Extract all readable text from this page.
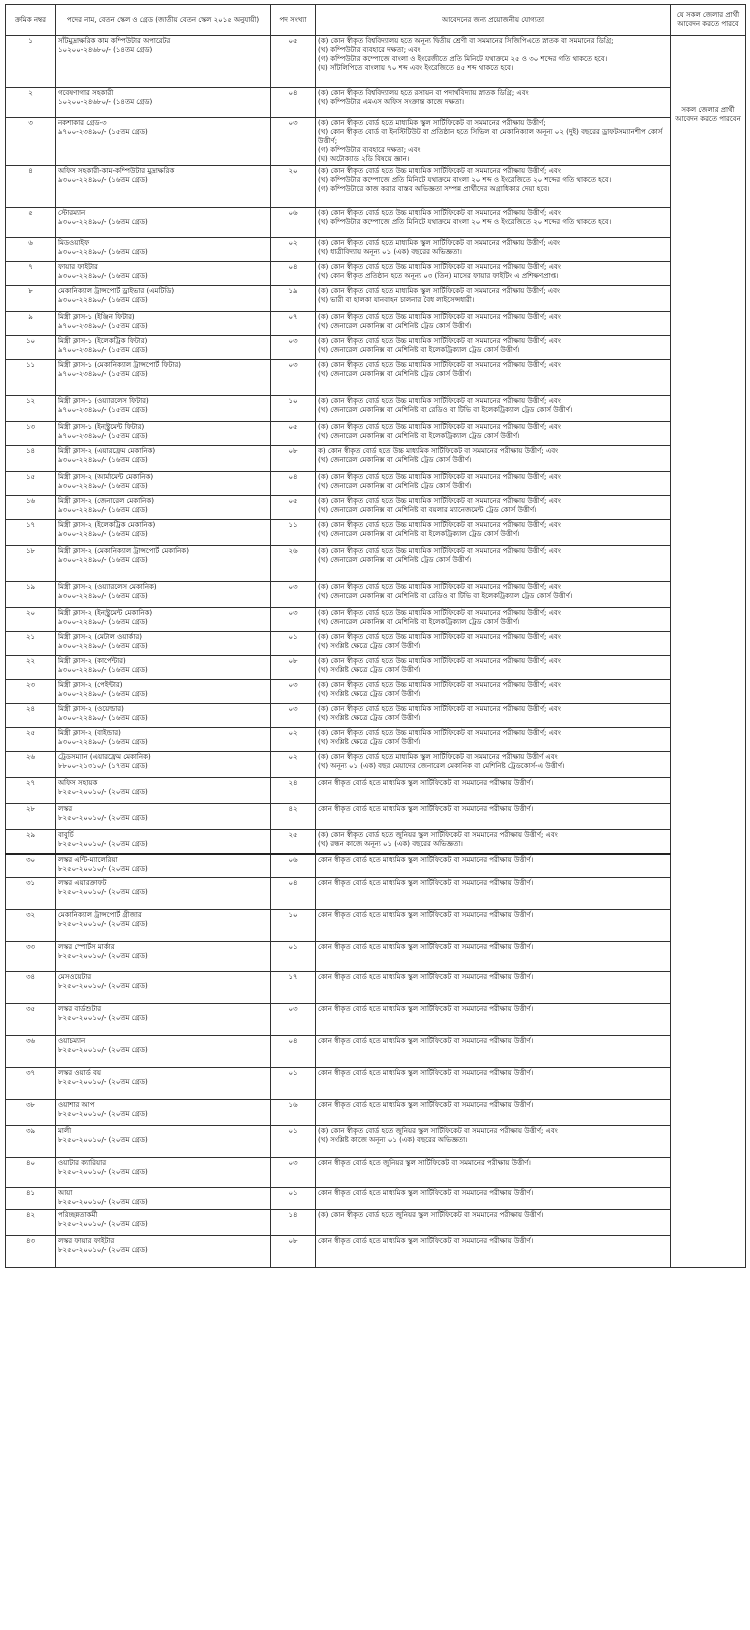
ক্রমিক নম্বর	পদের নাম, বেতন স্কেল ও গ্রেড (জাতীয় বেতন স্কেল ২০১৫ অনুযায়ী)	পদ সংখ্যা	আবেদনের জন্য প্রয়োজনীয় যোগ্যতা	যে সকল জেলার প্রার্থী আবেদন করতে পারবে
১	সাঁটমুদ্রাক্ষরিক কাম কম্পিউটার অপারেটর
১০২০০-২৪৬৮০/- (১৪তম গ্রেড)	০৫	(ক) কোন স্বীকৃত বিশ্ববিদ্যালয় হতে অনূন্য দ্বিতীয় শ্রেণী বা সমমানের সিজিপিএতে স্নাতক বা সমমানের ডিগ্রি;
(খ) কম্পিউটার ব্যবহারে দক্ষতা; এবং
(গ) কম্পিউটার কম্পোজে বাংলা ও ইংরেজীতে প্রতি মিনিটে যথাক্রমে ২৫ ও ৩০ শব্দের গতি থাকতে হবে।
(ঘ) সাঁটলিপিতে বাংলায় ৭০ শব্দ এবং ইংরেজিতে ৪৫ শব্দ থাকতে হবে।	সকল জেলার প্রার্থী আবেদন করতে পারবেন
২	গবেষণাগার সহকারী
১০২০০-২৪৬৮০/- (১৪তম গ্রেড)	০৪	(ক) কোন স্বীকৃত বিশ্ববিদ্যালয় হতে রসায়ন বা পদার্থবিদ্যায় স্নাতক ডিগ্রি; এবং
(খ) কম্পিউটার এমএস অফিস সংক্রান্ত কাজে দক্ষতা।	

৩	নকশাকার গ্রেড-৩
৯৭০০-২৩৪৯০/- (১৫তম গ্রেড)	০৩	(ক) কোন স্বীকৃত বোর্ড হতে মাধ্যমিক স্কুল সার্টিফিকেট বা সমমানের পরীক্ষায় উত্তীর্ণ;
(খ) কোন স্বীকৃত বোর্ড বা ইনস্টিটিউট বা প্রতিষ্ঠান হতে সিভিল বা মেকানিক্যাল অনূন্য ০২ (দুই) বছরের ড্রাফটসম্যানশীপ কোর্স উত্তীর্ণ;
(গ) কম্পিউটার ব্যবহারে দক্ষতা; এবং
(ঘ) অটোক্যাড ২ডি বিষয়ে জ্ঞান।	

৪	অফিস সহকারী-কাম-কম্পিউটার মুদ্রাক্ষরিক
৯৩০০-২২৪৯০/- (১৬তম গ্রেড)	২০	(ক) কোন স্বীকৃত বোর্ড হতে উচ্চ মাধ্যমিক সার্টিফিকেট বা সমমানের পরীক্ষায় উত্তীর্ণ; এবং
(খ) কম্পিউটার কম্পোজে প্রতি মিনিটে যথাক্রমে বাংলা ২০ শব্দ ও ইংরেজিতে ২০ শব্দের গতি থাকতে হবে।
(গ) কম্পিউটারে কাজ করার বাস্তব অভিজ্ঞতা সম্পন্ন প্রার্থীদের অগ্রাধিকার দেয়া হবে।	

৫	স্টোরম্যান
৯৩০০-২২৪৯০/- (১৬তম গ্রেড)	০৬	(ক) কোন স্বীকৃত বোর্ড হতে উচ্চ মাধ্যমিক সার্টিফিকেট বা সমমানের পরীক্ষায় উত্তীর্ণ; এবং
(খ) কম্পিউটার কম্পোজে প্রতি মিনিটে যথাক্রমে বাংলা ২০ শব্দ ও ইংরেজিতে ২০ শব্দের গতি থাকতে হবে।	

৬	মিডওয়াইফ
৯৩০০-২২৪৯০/- (১৬তম গ্রেড)	০২	(ক) কোন স্বীকৃত বোর্ড হতে মাধ্যমিক স্কুল সার্টিফিকেট বা সমমানের পরীক্ষায় উত্তীর্ণ; এবং
(খ) ধাত্রীবিদ্যায় অনূন্য ০১ (এক) বছরের অভিজ্ঞতা।	

৭	ফায়ার ফাইটার
৯৩০০-২২৪৯০/- (১৬তম গ্রেড)	০৪	(ক) কোন স্বীকৃত বোর্ড হতে উচ্চ মাধ্যমিক সার্টিফিকেট বা সমমানের পরীক্ষায় উত্তীর্ণ; এবং
(খ) কোন স্বীকৃত প্রতিষ্ঠান হতে অনূন্য ০৩ (তিন) মাসের ফায়ার ফাইটিং এ প্রশিক্ষণপ্রাপ্ত।	

৮	মেকানিক্যাল ট্রান্সপোর্ট ড্রাইভার (এমটিডি)
৯৩০০-২২৪৯০/- (১৬তম গ্রেড)	১৯	(ক) কোন স্বীকৃত বোর্ড হতে মাধ্যমিক স্কুল সার্টিফিকেট বা সমমানের পরীক্ষায় উত্তীর্ণ; এবং
(খ) ভারী বা হালকা যানবাহন চালনার বৈধ লাইসেন্সধারী।	

৯	মিস্ত্রী ক্লাস-১ (ইঞ্জিন ফিটার)
৯৭০০-২৩৪৯০/- (১৫তম গ্রেড)	০৭	(ক) কোন স্বীকৃত বোর্ড হতে উচ্চ মাধ্যমিক সার্টিফিকেট বা সমমানের পরীক্ষায় উত্তীর্ণ; এবং
(খ) জেনারেল মেকানিক্স বা মেশিনিষ্ট ট্রেড কোর্স উত্তীর্ণ।	

১০	মিস্ত্রী ক্লাস-১ (ইলেকট্রিক ফিটার)
৯৭০০-২৩৪৯০/- (১৫তম গ্রেড)	০৩	(ক) কোন স্বীকৃত বোর্ড হতে উচ্চ মাধ্যমিক সার্টিফিকেট বা সমমানের পরীক্ষায় উত্তীর্ণ; এবং
(খ) জেনারেল মেকানিক্স বা মেশিনিষ্ট বা ইলেকট্রিক্যাল ট্রেড কোর্স উত্তীর্ণ।	

১১	মিস্ত্রী ক্লাস-১ (মেকানিক্যাল ট্রান্সপোর্ট ফিটার)
৯৭০০-২৩৪৯০/- (১৫তম গ্রেড)	০৩	(ক) কোন স্বীকৃত বোর্ড হতে উচ্চ মাধ্যমিক সার্টিফিকেট বা সমমানের পরীক্ষায় উত্তীর্ণ; এবং
(খ) জেনারেল মেকানিক্স বা মেশিনিষ্ট ট্রেড কোর্স উত্তীর্ণ।	

১২	মিস্ত্রী ক্লাস-১ (ওয়্যারলেস ফিটার)
৯৭০০-২৩৪৯০/- (১৫তম গ্রেড)	১০	(ক) কোন স্বীকৃত বোর্ড হতে উচ্চ মাধ্যমিক সার্টিফিকেট বা সমমানের পরীক্ষায় উত্তীর্ণ; এবং
(খ) জেনারেল মেকানিক্স বা মেশিনিষ্ট বা রেডিও বা টিভি বা ইলেকট্রিক্যাল ট্রেড কোর্স উত্তীর্ণ।	

১৩	মিস্ত্রী ক্লাস-১ (ইনস্ট্রুমেন্ট ফিটার)
৯৭০০-২৩৪৯০/- (১৫তম গ্রেড)	০৫	(ক) কোন স্বীকৃত বোর্ড হতে উচ্চ মাধ্যমিক সার্টিফিকেট বা সমমানের পরীক্ষায় উত্তীর্ণ; এবং
(খ) জেনারেল মেকানিক্স বা মেশিনিষ্ট বা ইলেকট্রিক্যাল ট্রেড কোর্স উত্তীর্ণ।	

১৪	মিস্ত্রী ক্লাস-২ (এয়ারফ্রেম মেকানিক)
৯৩০০-২২৪৯০/- (১৬তম গ্রেড)	০৮	ক) কোন স্বীকৃত বোর্ড হতে উচ্চ মাধ্যমিক সার্টিফিকেট বা সমমানের পরীক্ষায় উত্তীর্ণ; এবং
(খ) জেনারেল মেকানিক্স বা মেশিনিষ্ট ট্রেড কোর্স উত্তীর্ণ।	

১৫	মিস্ত্রী ক্লাস-২ (আর্মামেন্ট মেকানিক)
৯৩০০-২২৪৯০/- (১৬তম গ্রেড)	০৪	(ক) কোন স্বীকৃত বোর্ড হতে উচ্চ মাধ্যমিক সার্টিফিকেট বা সমমানের পরীক্ষায় উত্তীর্ণ; এবং
(খ) জেনারেল মেকানিক্স বা মেশিনিষ্ট ট্রেড কোর্স উত্তীর্ণ।	

১৬	মিস্ত্রী ক্লাস-২ (জেনারেল মেকানিক)
৯৩০০-২২৪৯০/- (১৬তম গ্রেড)	০৫	(ক) কোন স্বীকৃত বোর্ড হতে উচ্চ মাধ্যমিক সার্টিফিকেট বা সমমানের পরীক্ষায় উত্তীর্ণ; এবং
(খ) জেনারেল মেকানিক্স বা মেশিনিষ্ট বা বয়লার ম্যানেজমেন্ট ট্রেড কোর্স উত্তীর্ণ।	

১৭	মিস্ত্রী ক্লাস-২ (ইলেকট্রিক মেকানিক)
৯৩০০-২২৪৯০/- (১৬তম গ্রেড)	১১	(ক) কোন স্বীকৃত বোর্ড হতে উচ্চ মাধ্যমিক সার্টিফিকেট বা সমমানের পরীক্ষায় উত্তীর্ণ; এবং
(খ) জেনারেল মেকানিক্স বা মেশিনিষ্ট বা ইলেকট্রিক্যাল ট্রেড কোর্স উত্তীর্ণ।	

১৮	মিস্ত্রী ক্লাস-২ (মেকানিক্যাল ট্রান্সপোর্ট মেকানিক)
৯৩০০-২২৪৯০/- (১৬তম গ্রেড)	২৬	(ক) কোন স্বীকৃত বোর্ড হতে উচ্চ মাধ্যমিক সার্টিফিকেট বা সমমানের পরীক্ষায় উত্তীর্ণ; এবং
(খ) জেনারেল মেকানিক্স বা মেশিনিষ্ট ট্রেড কোর্স উত্তীর্ণ।	

১৯	মিস্ত্রী ক্লাস-২ (ওয়্যারলেস মেকানিক)
৯৩০০-২২৪৯০/- (১৬তম গ্রেড)	০৩	(ক) কোন স্বীকৃত বোর্ড হতে উচ্চ মাধ্যমিক সার্টিফিকেট বা সমমানের পরীক্ষায় উত্তীর্ণ; এবং
(খ) জেনারেল মেকানিক্স বা মেশিনিষ্ট বা রেডিও বা টিভি বা ইলেকট্রিক্যাল ট্রেড কোর্স উত্তীর্ণ।	

২০	মিস্ত্রী ক্লাস-২ (ইনস্ট্রুমেন্ট মেকানিক)
৯৩০০-২২৪৯০/- (১৬তম গ্রেড)	০৩	(ক) কোন স্বীকৃত বোর্ড হতে উচ্চ মাধ্যমিক সার্টিফিকেট বা সমমানের পরীক্ষায় উত্তীর্ণ; এবং
(খ) জেনারেল মেকানিক্স বা মেশিনিষ্ট বা ইলেকট্রিক্যাল ট্রেড কোর্স উত্তীর্ণ।	

২১	মিস্ত্রী ক্লাস-২ (মেটাল ওয়ার্কার)
৯৩০০-২২৪৯০/- (১৬তম গ্রেড)	০১	(ক) কোন স্বীকৃত বোর্ড হতে উচ্চ মাধ্যমিক সার্টিফিকেট বা সমমানের পরীক্ষায় উত্তীর্ণ; এবং
(খ) সংশ্লিষ্ট ক্ষেত্রে ট্রেড কোর্স উত্তীর্ণ।	

২২	মিস্ত্রী ক্লাস-২ (কার্পেন্টার)
৯৩০০-২২৪৯০/- (১৬তম গ্রেড)	০৮	(ক) কোন স্বীকৃত বোর্ড হতে উচ্চ মাধ্যমিক সার্টিফিকেট বা সমমানের পরীক্ষায় উত্তীর্ণ; এবং
(খ) সংশ্লিষ্ট ক্ষেত্রে ট্রেড কোর্স উত্তীর্ণ।	

২৩	মিস্ত্রী ক্লাস-২ (পেইন্টার)
৯৩০০-২২৪৯০/- (১৬তম গ্রেড)	০৩	(ক) কোন স্বীকৃত বোর্ড হতে উচ্চ মাধ্যমিক সার্টিফিকেট বা সমমানের পরীক্ষায় উত্তীর্ণ; এবং
(খ) সংশ্লিষ্ট ক্ষেত্রে ট্রেড কোর্স উত্তীর্ণ।	

২৪	মিস্ত্রী ক্লাস-২ (ওয়েল্ডার)
৯৩০০-২২৪৯০/- (১৬তম গ্রেড)	০৩	(ক) কোন স্বীকৃত বোর্ড হতে উচ্চ মাধ্যমিক সার্টিফিকেট বা সমমানের পরীক্ষায় উত্তীর্ণ; এবং
(খ) সংশ্লিষ্ট ক্ষেত্রে ট্রেড কোর্স উত্তীর্ণ।	

২৫	মিস্ত্রী ক্লাস-২ (বাইন্ডার)
৯৩০০-২২৪৯০/- (১৬তম গ্রেড)	০২	(ক) কোন স্বীকৃত বোর্ড হতে উচ্চ মাধ্যমিক সার্টিফিকেট বা সমমানের পরীক্ষায় উত্তীর্ণ; এবং
(খ) সংশ্লিষ্ট ক্ষেত্রে ট্রেড কোর্স উত্তীর্ণ।	

২৬	ট্রেডসম্যান (এয়ারফ্রেম মেকানিক)
৮৮০০-২১৩১০/- (১৭তম গ্রেড)	০২	(ক) কোন স্বীকৃত বোর্ড হতে মাধ্যমিক স্কুল সার্টিফিকেট বা সমমানের পরীক্ষায় উত্তীর্ণ এবং
(খ) অনূন্য ০১ (এক) বছর মেয়াদের জেনারেল মেকানিক বা মেশিনিষ্ট ট্রেডকোর্স-এ উত্তীর্ণ।	

২৭	অফিস সহায়ক
৮২৫০-২০০১০/- (২০তম গ্রেড)	২৪	কোন স্বীকৃত বোর্ড হতে মাধ্যমিক স্কুল সার্টিফিকেট বা সমমানের পরীক্ষায় উত্তীর্ণ।	

২৮	লস্কর
৮২৫০-২০০১০/- (২০তম গ্রেড)	৪২	কোন স্বীকৃত বোর্ড হতে মাধ্যমিক স্কুল সার্টিফিকেট বা সমমানের পরীক্ষায় উত্তীর্ণ।	

২৯	বাবুর্চি
৮২৫০-২০০১০/- (২০তম গ্রেড)	২৫	(ক) কোন স্বীকৃত বোর্ড হতে জুনিয়র স্কুল সার্টিফিকেট বা সমমানের পরীক্ষায় উত্তীর্ণ; এবং
(খ) রন্ধন কাজে অনূন্য ০১ (এক) বছরের অভিজ্ঞতা।	

৩০	লস্কর এন্টি-ম্যালেরিয়া
৮২৫০-২০০১০/- (২০তম গ্রেড)	০৬	কোন স্বীকৃত বোর্ড হতে মাধ্যমিক স্কুল সার্টিফিকেট বা সমমানের পরীক্ষায় উত্তীর্ণ।	

৩১	লস্কর এয়ারক্রাফট
৮২৫০-২০০১০/- (২০তম গ্রেড)	০৪	কোন স্বীকৃত বোর্ড হতে মাধ্যমিক স্কুল সার্টিফিকেট বা সমমানের পরীক্ষায় উত্তীর্ণ।	

৩২	মেকানিক্যাল ট্রান্সপোর্ট গ্রীজার
৮২৫০-২০০১০/- (২০তম গ্রেড)	১০	কোন স্বীকৃত বোর্ড হতে মাধ্যমিক স্কুল সার্টিফিকেট বা সমমানের পরীক্ষায় উত্তীর্ণ।	

৩৩	লস্কর স্পোর্টস মার্কার
৮২৫০-২০০১০/- (২০তম গ্রেড)	০১	কোন স্বীকৃত বোর্ড হতে মাধ্যমিক স্কুল সার্টিফিকেট বা সমমানের পরীক্ষায় উত্তীর্ণ।	

৩৪	মেসওয়েটার
৮২৫০-২০০১০/- (২০তম গ্রেড)	১৭	কোন স্বীকৃত বোর্ড হতে মাধ্যমিক স্কুল সার্টিফিকেট বা সমমানের পরীক্ষায় উত্তীর্ণ।	

৩৫	লস্কর বার্ডশুটার
৮২৫০-২০০১০/- (২০তম গ্রেড)	০৩	কোন স্বীকৃত বোর্ড হতে মাধ্যমিক স্কুল সার্টিফিকেট বা সমমানের পরীক্ষায় উত্তীর্ণ।	

৩৬	ওয়াচম্যান
৮২৫০-২০০১০/- (২০তম গ্রেড)	০৪	কোন স্বীকৃত বোর্ড হতে মাধ্যমিক স্কুল সার্টিফিকেট বা সমমানের পরীক্ষায় উত্তীর্ণ।	

৩৭	লস্কর ওয়ার্ড বয়
৮২৫০-২০০১০/- (২০তম গ্রেড)	০১	কোন স্বীকৃত বোর্ড হতে মাধ্যমিক স্কুল সার্টিফিকেট বা সমমানের পরীক্ষায় উত্তীর্ণ।	

৩৮	ওয়াশার আপ
৮২৫০-২০০১০/- (২০তম গ্রেড)	১৬	কোন স্বীকৃত বোর্ড হতে মাধ্যমিক স্কুল সার্টিফিকেট বা সমমানের পরীক্ষায় উত্তীর্ণ।	

৩৯	মালী
৮২৫০-২০০১০/- (২০তম গ্রেড)	০১	(ক) কোন স্বীকৃত বোর্ড হতে জুনিয়র স্কুল সার্টিফিকেট বা সমমানের পরীক্ষায় উত্তীর্ণ; এবং
(খ) সংশ্লিষ্ট কাজে অনূন্য ০১ (এক) বছরের অভিজ্ঞতা।	

৪০	ওয়াটার ক্যারিয়ার
৮২৫০-২০০১০/- (২০তম গ্রেড)	০৩	কোন স্বীকৃত বোর্ড হতে জুনিয়র স্কুল সার্টিফিকেট বা সমমানের পরীক্ষায় উত্তীর্ণ।	

৪১	আয়া
৮২৫০-২০০১০/- (২০তম গ্রেড)	০১	কোন স্বীকৃত বোর্ড হতে মাধ্যমিক স্কুল সার্টিফিকেট বা সমমানের পরীক্ষায় উত্তীর্ণ।	

৪২	পরিচ্ছন্নতাকর্মী
৮২৫০-২০০১০/- (২০তম গ্রেড)	১৪	(ক) কোন স্বীকৃত বোর্ড হতে জুনিয়র স্কুল সার্টিফিকেট বা সমমানের পরীক্ষায় উত্তীর্ণ।	

৪৩	লস্কর ফায়ার ফাইটার
৮২৫০-২০০১০/- (২০তম গ্রেড)	০৮	কোন স্বীকৃত বোর্ড হতে মাধ্যমিক স্কুল সার্টিফিকেট বা সমমানের পরীক্ষায় উত্তীর্ণ।	
